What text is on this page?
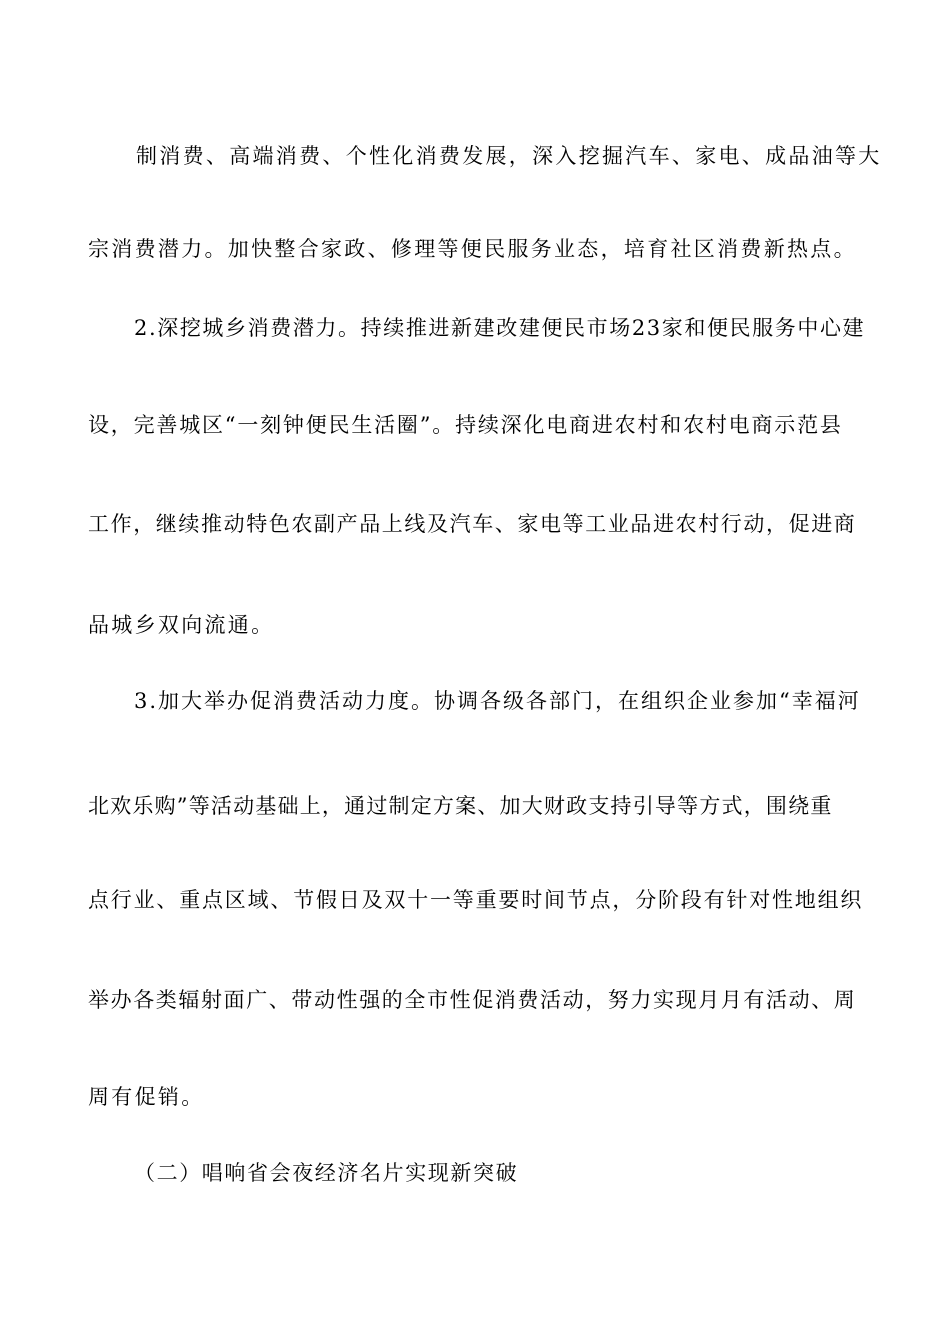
制消费、高端消费、个性化消费发展，深入挖掘汽车、家电、成品油等大
宗消费潜力。加快整合家政、修理等便民服务业态，培育社区消费新热点。
2.深挖城乡消费潜力。持续推进新建改建便民市场23家和便民服务中心建
设，完善城区“一刻钟便民生活圈”。持续深化电商进农村和农村电商示范县
工作，继续推动特色农副产品上线及汽车、家电等工业品进农村行动，促进商
品城乡双向流通。
3.加大举办促消费活动力度。协调各级各部门，在组织企业参加“幸福河
北欢乐购”等活动基础上，通过制定方案、加大财政支持引导等方式，围绕重
点行业、重点区域、节假日及双十一等重要时间节点，分阶段有针对性地组织
举办各类辐射面广、带动性强的全市性促消费活动，努力实现月月有活动、周
周有促销。
（二）唱响省会夜经济名片实现新突破
